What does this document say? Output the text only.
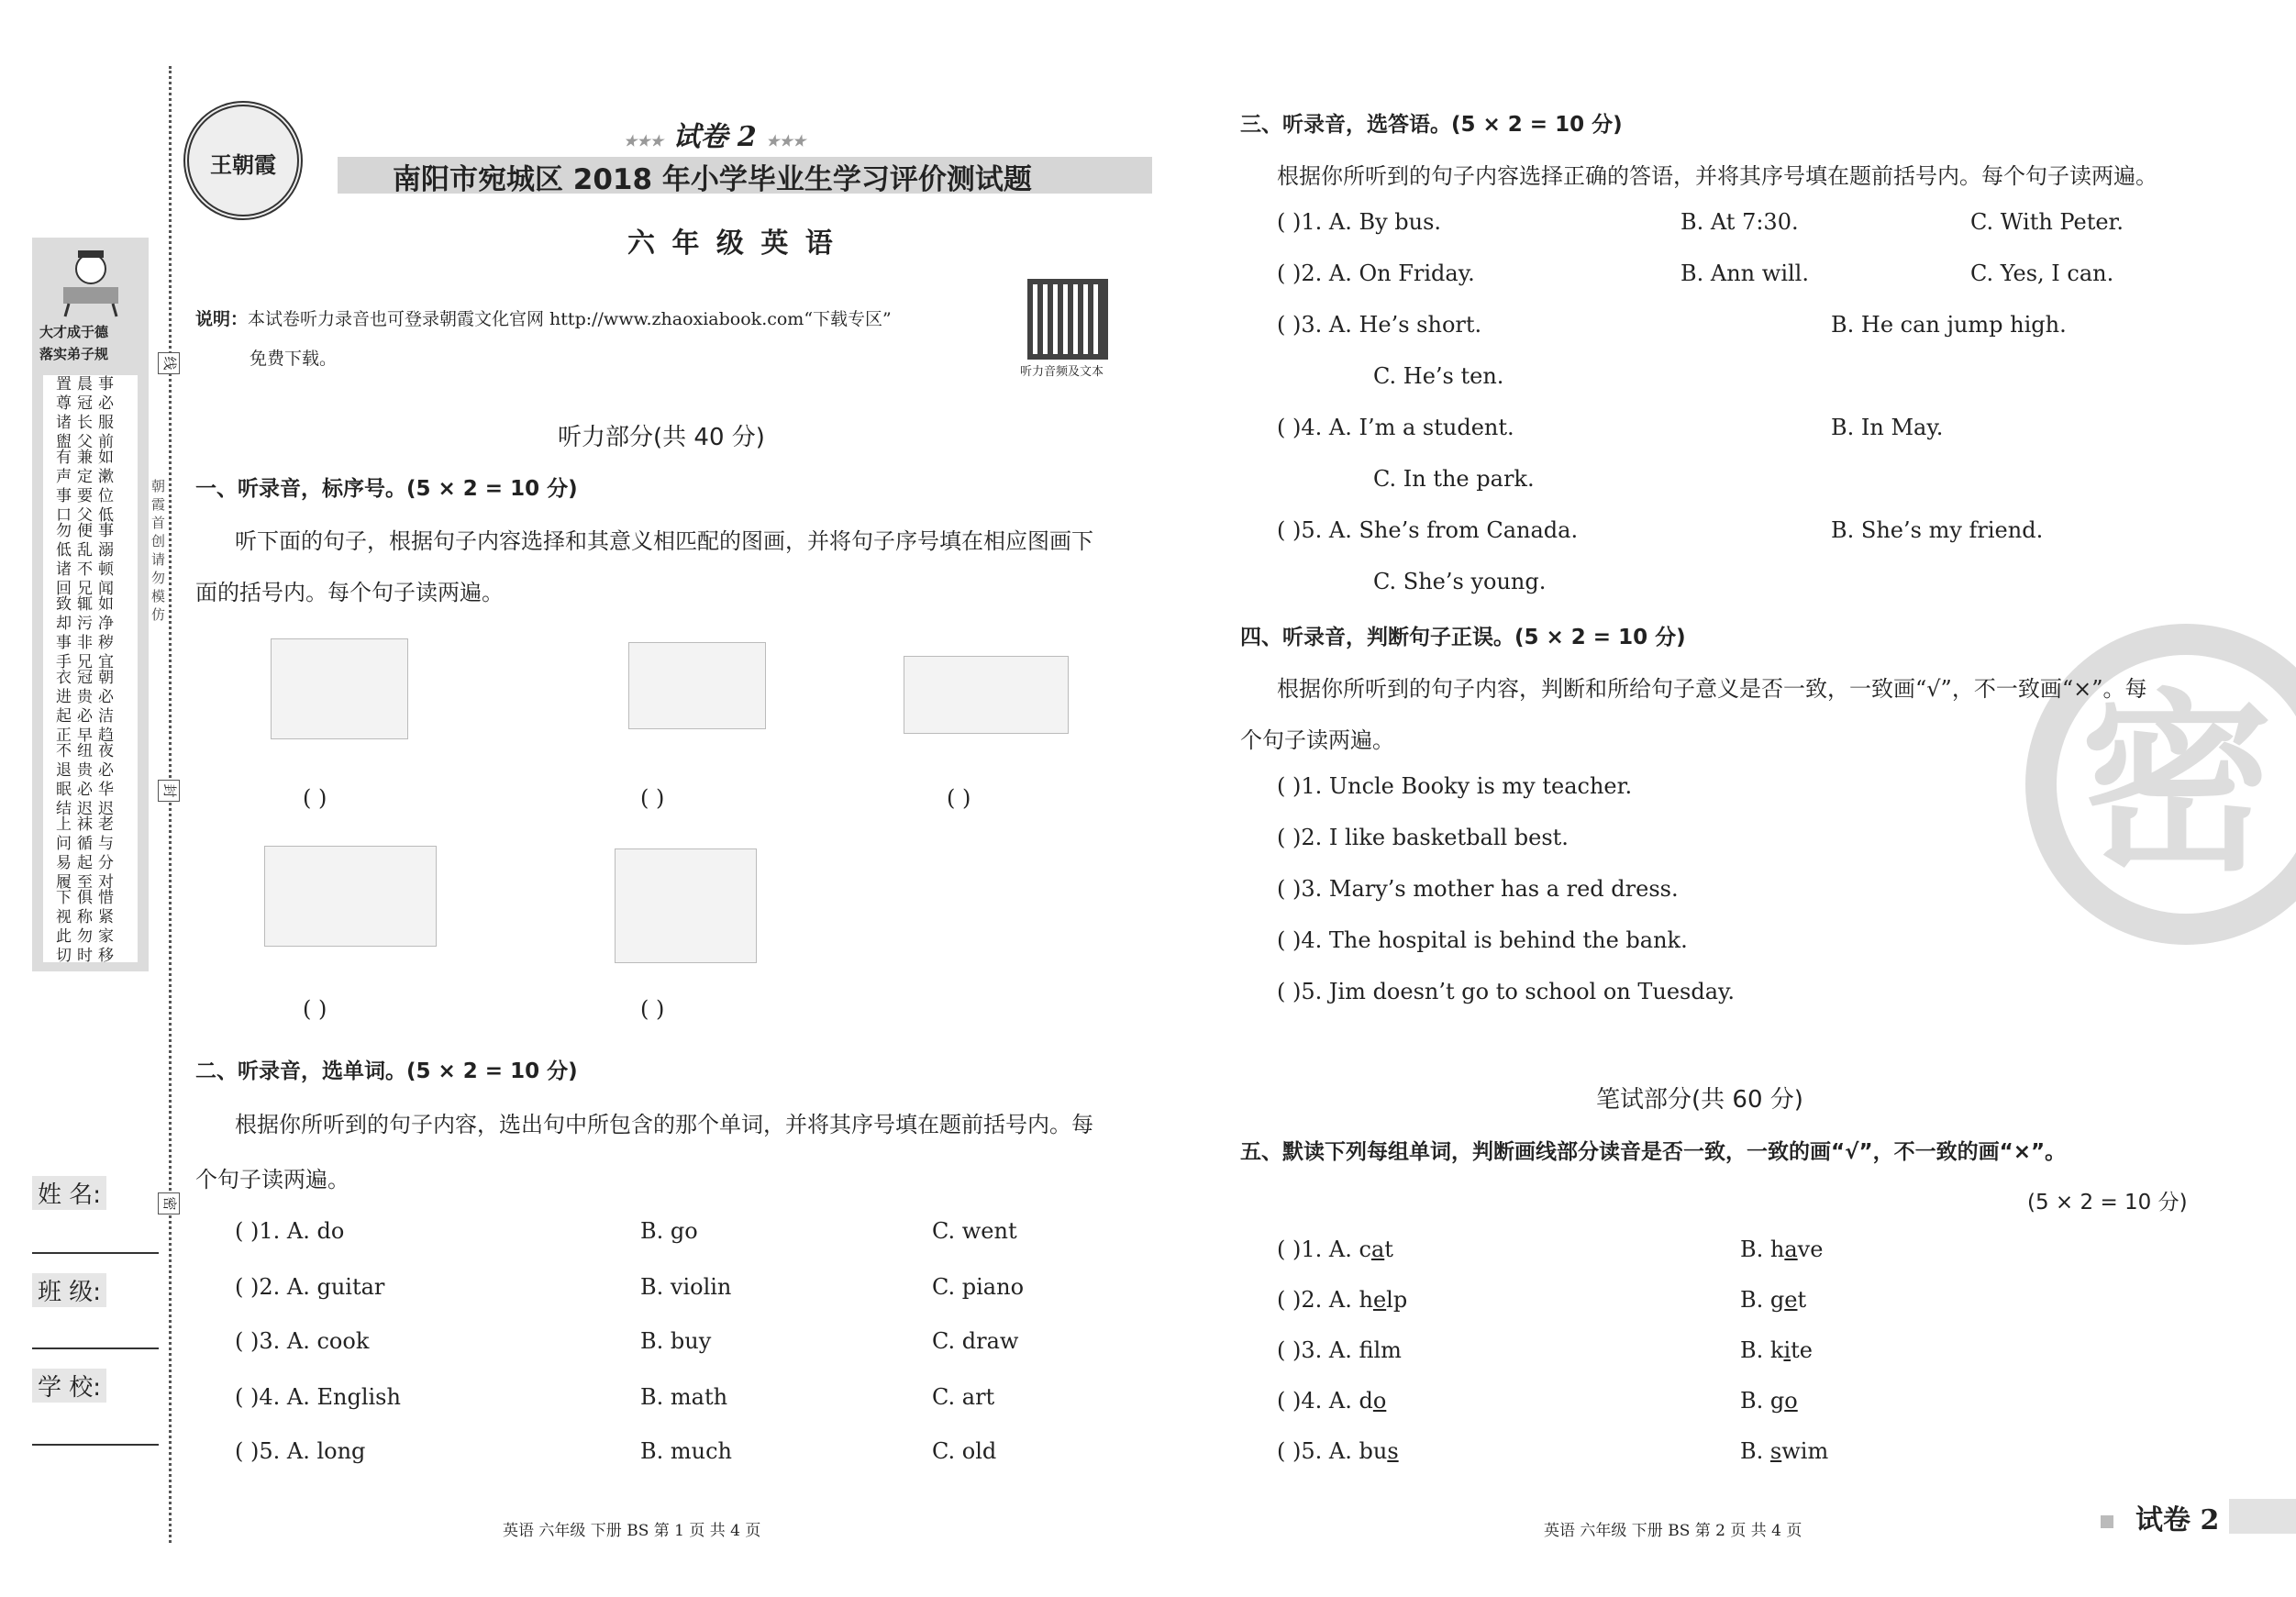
大才成于德
落实弟子规
置晨事尊冠必诸长服盥父前
有兼如声定漱事要位口父低
勿便事低乱溺诸不顿回兄闻
致辄如却污净事非秽手兄宜
衣冠朝进贵必起必洁正早趋
不纽夜退贵必眠必华结迟迟
上袜老问循与易起分履至对
下俱惜视称紧此勿家切时移
线
封
密
朝霞首创 请勿模仿
姓 名:
班 级:
学 校:
王朝霞
★★★ 试卷 2 ★★★
南阳市宛城区 2018 年小学毕业生学习评价测试题
六 年 级 英 语
说明：本试卷听力录音也可登录朝霞文化官网 http://www.zhaoxiabook.com“下载专区”
免费下载。
听力音频及文本
听力部分(共 40 分)
一、听录音，标序号。(5 × 2 = 10 分)
听下面的句子，根据句子内容选择和其意义相匹配的图画，并将句子序号填在相应图画下
面的括号内。每个句子读两遍。
( )	( )	( )
( )	( )
二、听录音，选单词。(5 × 2 = 10 分)
根据你所听到的句子内容，选出句中所包含的那个单词，并将其序号填在题前括号内。每
个句子读两遍。
( )1. A. do	B. go	C. went
( )2. A. guitar	B. violin	C. piano
( )3. A. cook	B. buy	C. draw
( )4. A. English	B. math	C. art
( )5. A. long	B. much	C. old
英语 六年级 下册 BS 第 1 页 共 4 页
密
三、听录音，选答语。(5 × 2 = 10 分)
根据你所听到的句子内容选择正确的答语，并将其序号填在题前括号内。每个句子读两遍。
( )1. A. By bus.	B. At 7:30.	C. With Peter.
( )2. A. On Friday.	B. Ann will.	C. Yes, I can.
( )3. A. He’s short.	B. He can jump high.
C. He’s ten.
( )4. A. I’m a student.	B. In May.
C. In the park.
( )5. A. She’s from Canada.	B. She’s my friend.
C. She’s young.
四、听录音，判断句子正误。(5 × 2 = 10 分)
根据你所听到的句子内容，判断和所给句子意义是否一致，一致画“√”，不一致画“×”。每
个句子读两遍。
( )1. Uncle Booky is my teacher.
( )2. I like basketball best.
( )3. Mary’s mother has a red dress.
( )4. The hospital is behind the bank.
( )5. Jim doesn’t go to school on Tuesday.
笔试部分(共 60 分)
五、默读下列每组单词，判断画线部分读音是否一致，一致的画“√”，不一致的画“×”。
(5 × 2 = 10 分)
( )1. A. cat	B. have
( )2. A. help	B. get
( )3. A. flm	B. kite
( )4. A. do	B. go
( )5. A. bus	B. swim
英语 六年级 下册 BS 第 2 页 共 4 页	试卷 2
